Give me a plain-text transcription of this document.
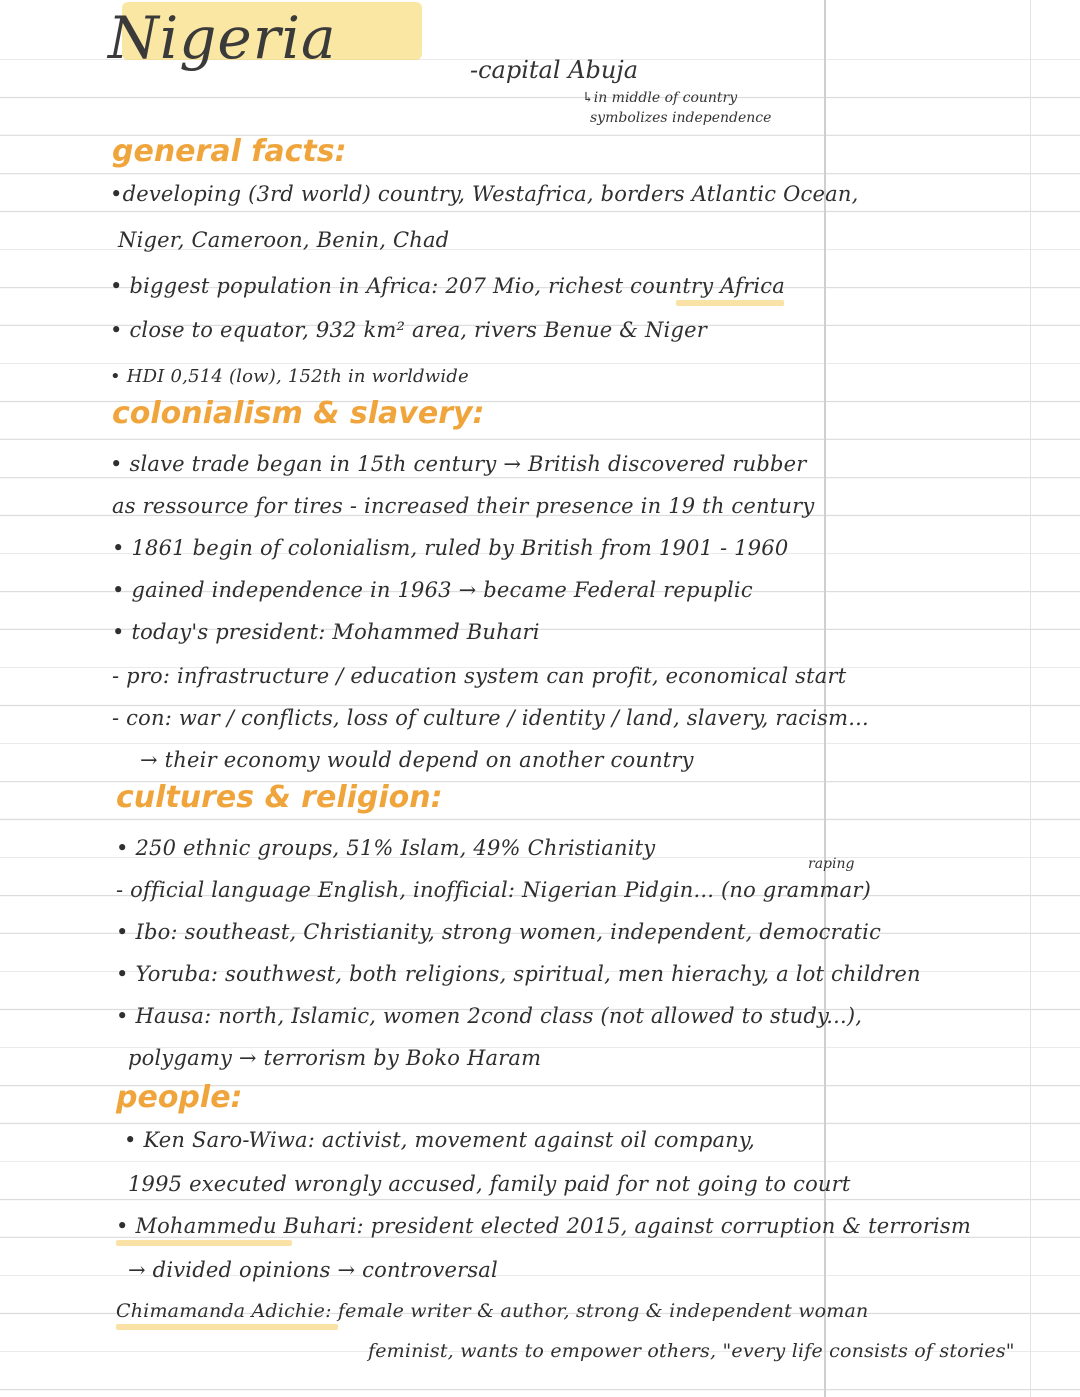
Nigeria	-capital Abuja
↳in middle of country
symbolizes independence
general facts:
•developing (3rd world) country, Westafrica, borders Atlantic Ocean,
Niger, Cameroon, Benin, Chad
• biggest population in Africa: 207 Mio, richest country Africa
• close to equator, 932 km² area, rivers Benue & Niger
• HDI 0,514 (low), 152th in worldwide
colonialism & slavery:
• slave trade began in 15th century → British discovered rubber
as ressource for tires - increased their presence in 19 th century
• 1861 begin of colonialism, ruled by British from 1901 - 1960
• gained independence in 1963 → became Federal repuplic
• today's president: Mohammed Buhari
- pro: infrastructure / education system can profit, economical start
- con: war / conflicts, loss of culture / identity / land, slavery, racism...
→ their economy would depend on another country
cultures & religion:
• 250 ethnic groups, 51% Islam, 49% Christianity
raping
- official language English, inofficial: Nigerian Pidgin... (no grammar)
• Ibo: southeast, Christianity, strong women, independent, democratic
• Yoruba: southwest, both religions, spiritual, men hierachy, a lot children
• Hausa: north, Islamic, women 2cond class (not allowed to study...),
polygamy → terrorism by Boko Haram
people:
• Ken Saro-Wiwa: activist, movement against oil company,
1995 executed wrongly accused, family paid for not going to court
• Mohammedu Buhari: president elected 2015, against corruption & terrorism
→ divided opinions → controversal
Chimamanda Adichie: female writer & author, strong & independent woman
feminist, wants to empower others, "every life consists of stories"
